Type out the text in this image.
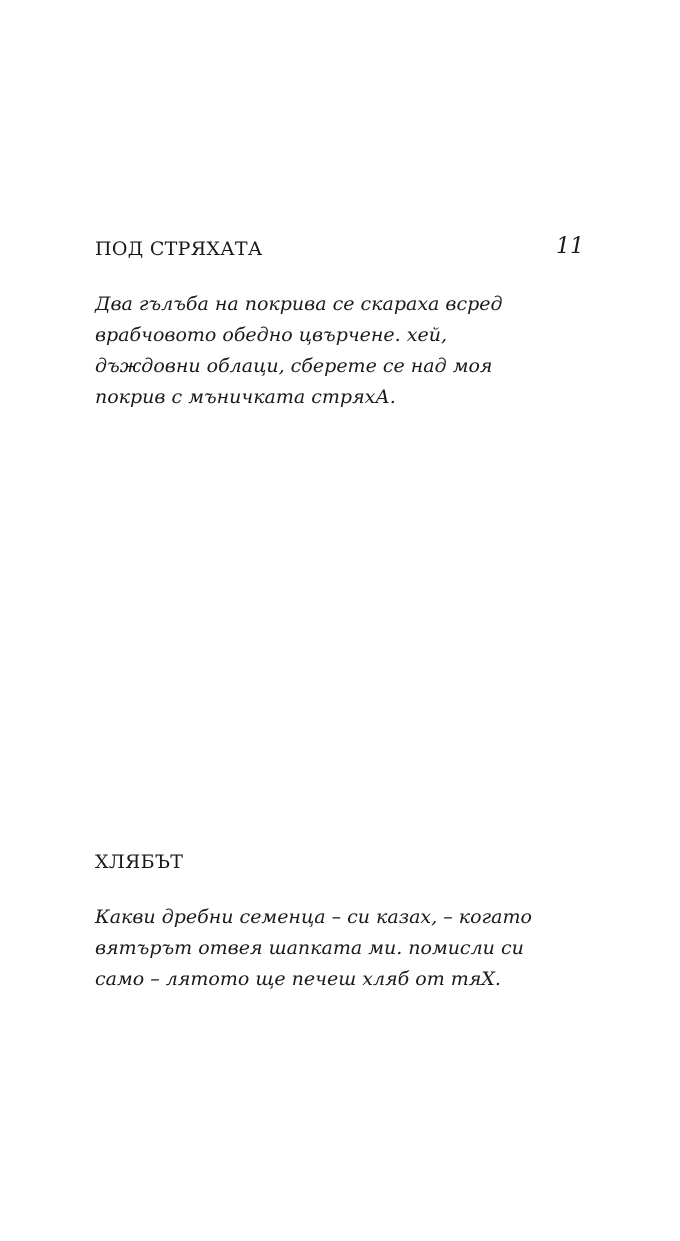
11
ПОД СТРЯХАТА

Два гълъба на покрива се скараха всред
врабчовото обедно цвърчене. хей,
дъждовни облаци, сберете се над моя
покрив с мъничката стряхА.

ХЛЯБЪТ

Какви дребни семенца – си казах, – когато
вятърът отвея шапката ми. помисли си
само – лятото ще печеш хляб от тяХ.
